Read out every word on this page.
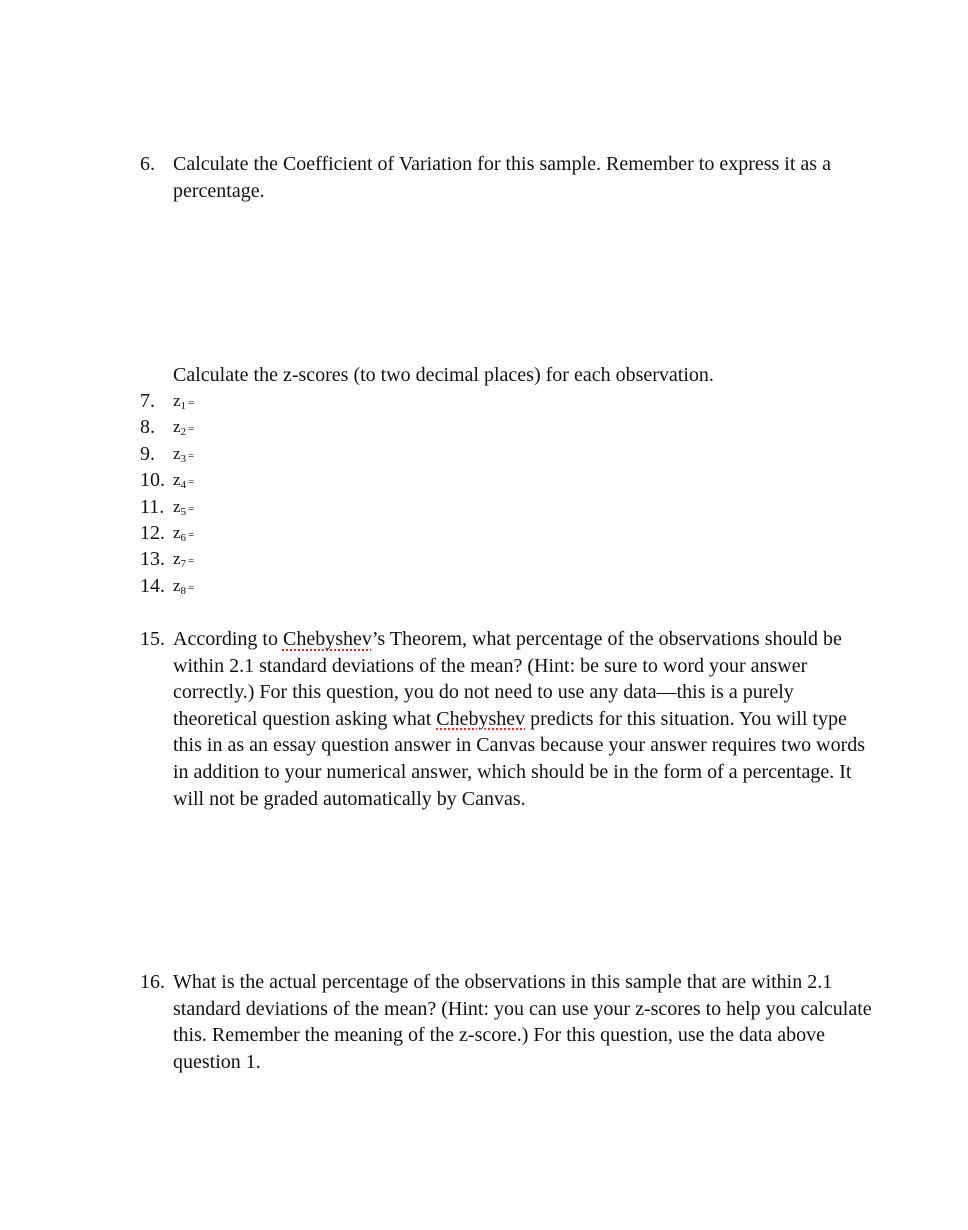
6. Calculate the Coefficient of Variation for this sample. Remember to express it as a percentage.
Calculate the z-scores (to two decimal places) for each observation.
7. z1 =
8. z2 =
9. z3 =
10. z4 =
11. z5 =
12. z6 =
13. z7 =
14. z8 =
15. According to Chebyshev’s Theorem, what percentage of the observations should be within 2.1 standard deviations of the mean? (Hint: be sure to word your answer correctly.) For this question, you do not need to use any data—this is a purely theoretical question asking what Chebyshev predicts for this situation. You will type this in as an essay question answer in Canvas because your answer requires two words in addition to your numerical answer, which should be in the form of a percentage. It will not be graded automatically by Canvas.
16. What is the actual percentage of the observations in this sample that are within 2.1 standard deviations of the mean? (Hint: you can use your z-scores to help you calculate this. Remember the meaning of the z-score.) For this question, use the data above question 1.
